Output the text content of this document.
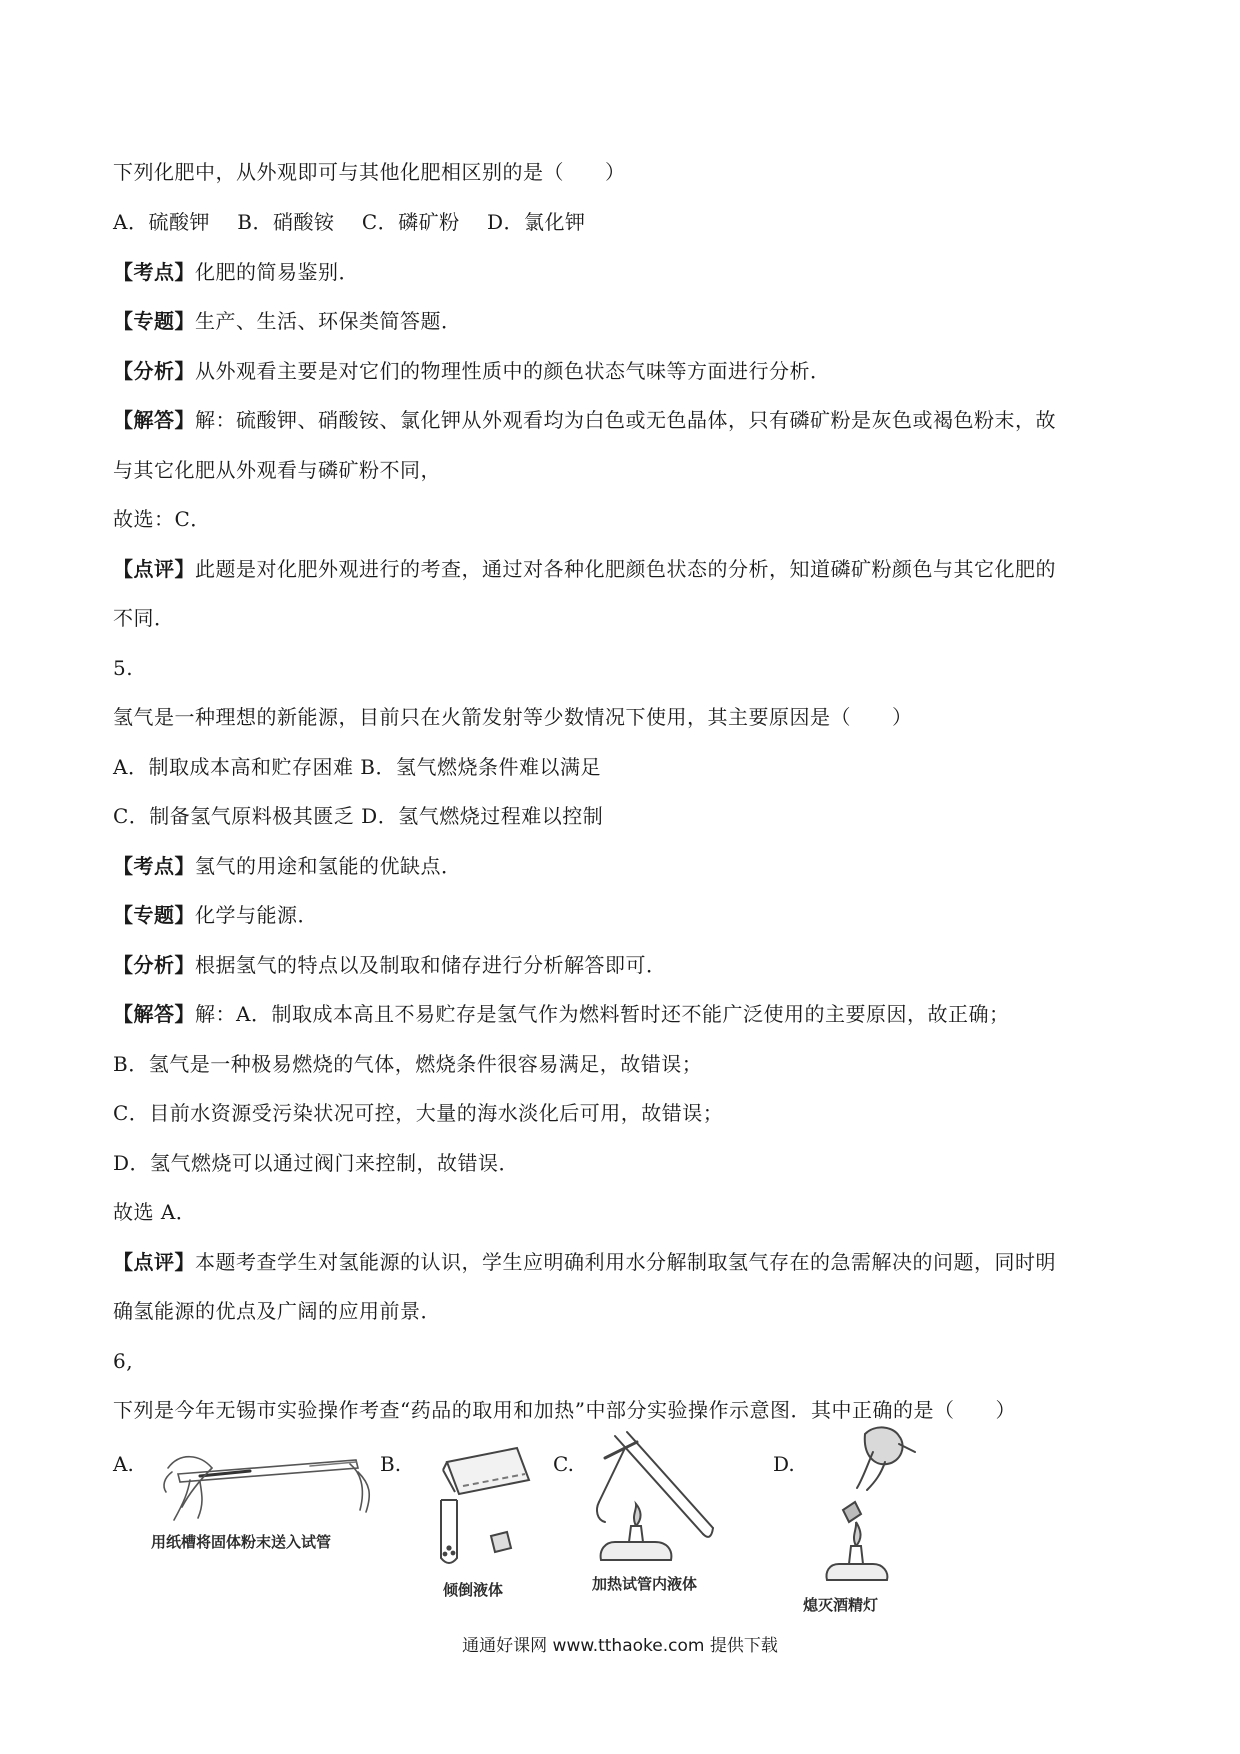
下列化肥中，从外观即可与其他化肥相区别的是（　　）
A．硫酸钾　 B．硝酸铵　 C．磷矿粉　 D．氯化钾
【考点】化肥的简易鉴别．
【专题】生产、生活、环保类简答题．
【分析】从外观看主要是对它们的物理性质中的颜色状态气味等方面进行分析．
【解答】解：硫酸钾、硝酸铵、氯化钾从外观看均为白色或无色晶体，只有磷矿粉是灰色或褐色粉末，故
与其它化肥从外观看与磷矿粉不同，
故选：C．
【点评】此题是对化肥外观进行的考查，通过对各种化肥颜色状态的分析，知道磷矿粉颜色与其它化肥的
不同．
5.
氢气是一种理想的新能源，目前只在火箭发射等少数情况下使用，其主要原因是（　　）
A．制取成本高和贮存困难 B．氢气燃烧条件难以满足
C．制备氢气原料极其匮乏 D．氢气燃烧过程难以控制
【考点】氢气的用途和氢能的优缺点．
【专题】化学与能源．
【分析】根据氢气的特点以及制取和储存进行分析解答即可．
【解答】解：A．制取成本高且不易贮存是氢气作为燃料暂时还不能广泛使用的主要原因，故正确；
B．氢气是一种极易燃烧的气体，燃烧条件很容易满足，故错误；
C．目前水资源受污染状况可控，大量的海水淡化后可用，故错误；
D．氢气燃烧可以通过阀门来控制，故错误．
故选 A．
【点评】本题考查学生对氢能源的认识，学生应明确利用水分解制取氢气存在的急需解决的问题，同时明
确氢能源的优点及广阔的应用前景．
6,
下列是今年无锡市实验操作考查“药品的取用和加热”中部分实验操作示意图．其中正确的是（　　）
A.
用纸槽将固体粉末送入试管
B.
倾倒液体
C.
加热试管内液体
D.
熄灭酒精灯
通通好课网 www.tthaoke.com 提供下载
